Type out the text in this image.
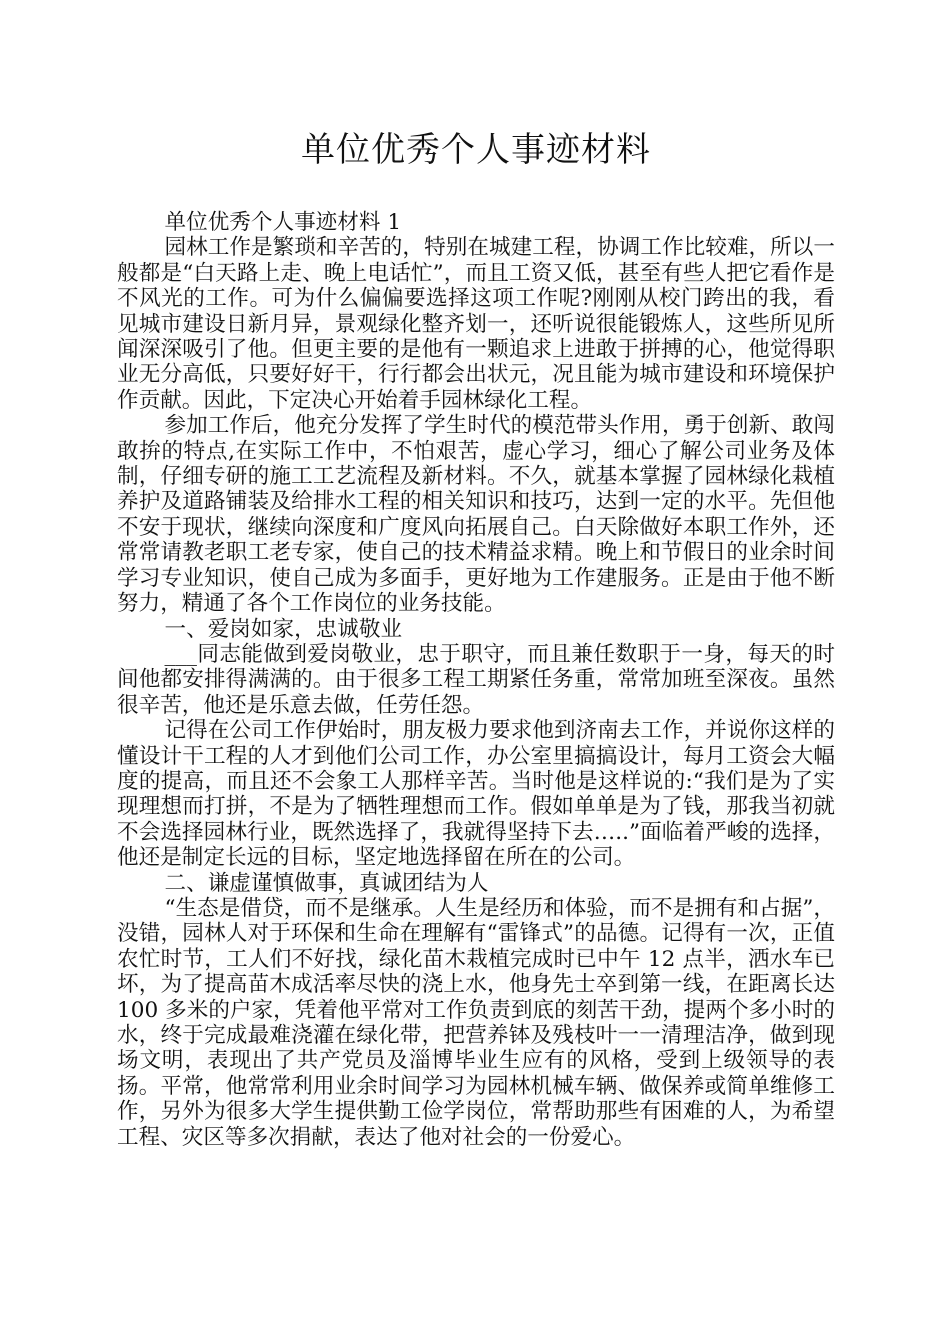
单位优秀个人事迹材料

单位优秀个人事迹材料 1

园林工作是繁琐和辛苦的，特别在城建工程，协调工作比较难，所以一般都是“白天路上走、晚上电话忙”，而且工资又低，甚至有些人把它看作是不风光的工作。可为什么偏偏要选择这项工作呢?刚刚从校门跨出的我，看见城市建设日新月异，景观绿化整齐划一，还听说很能锻炼人，这些所见所闻深深吸引了他。但更主要的是他有一颗追求上进敢于拼搏的心，他觉得职业无分高低，只要好好干，行行都会出状元，况且能为城市建设和环境保护作贡献。因此，下定决心开始着手园林绿化工程。

参加工作后，他充分发挥了学生时代的模范带头作用，勇于创新、敢闯敢拚的特点,在实际工作中，不怕艰苦，虚心学习，细心了解公司业务及体制，仔细专研的施工工艺流程及新材料。不久，就基本掌握了园林绿化栽植养护及道路铺装及给排水工程的相关知识和技巧，达到一定的水平。先但他不安于现状，继续向深度和广度风向拓展自己。白天除做好本职工作外，还常常请教老职工老专家，使自己的技术精益求精。晚上和节假日的业余时间学习专业知识，使自己成为多面手，更好地为工作建服务。正是由于他不断努力，精通了各个工作岗位的业务技能。

一、爱岗如家，忠诚敬业

___同志能做到爱岗敬业，忠于职守，而且兼任数职于一身，每天的时间他都安排得满满的。由于很多工程工期紧任务重，常常加班至深夜。虽然很辛苦，他还是乐意去做，任劳任怨。

记得在公司工作伊始时，朋友极力要求他到济南去工作，并说你这样的懂设计干工程的人才到他们公司工作，办公室里搞搞设计，每月工资会大幅度的提高，而且还不会象工人那样辛苦。当时他是这样说的:“我们是为了实现理想而打拼，不是为了牺牲理想而工作。假如单单是为了钱，那我当初就不会选择园林行业，既然选择了，我就得坚持下去…..”面临着严峻的选择，他还是制定长远的目标，坚定地选择留在所在的公司。

二、谦虚谨慎做事，真诚团结为人

“生态是借贷，而不是继承。人生是经历和体验，而不是拥有和占据”，没错，园林人对于环保和生命在理解有“雷锋式”的品德。记得有一次，正值农忙时节，工人们不好找，绿化苗木栽植完成时已中午 12 点半，洒水车已坏，为了提高苗木成活率尽快的浇上水，他身先士卒到第一线，在距离长达 100 多米的户家，凭着他平常对工作负责到底的刻苦干劲，提两个多小时的水，终于完成最难浇灌在绿化带，把营养钵及残枝叶一一清理洁净，做到现场文明，表现出了共产党员及淄博毕业生应有的风格，受到上级领导的表扬。平常，他常常利用业余时间学习为园林机械车辆、做保养或简单维修工作，另外为很多大学生提供勤工俭学岗位，常帮助那些有困难的人，为希望工程、灾区等多次捐献，表达了他对社会的一份爱心。
